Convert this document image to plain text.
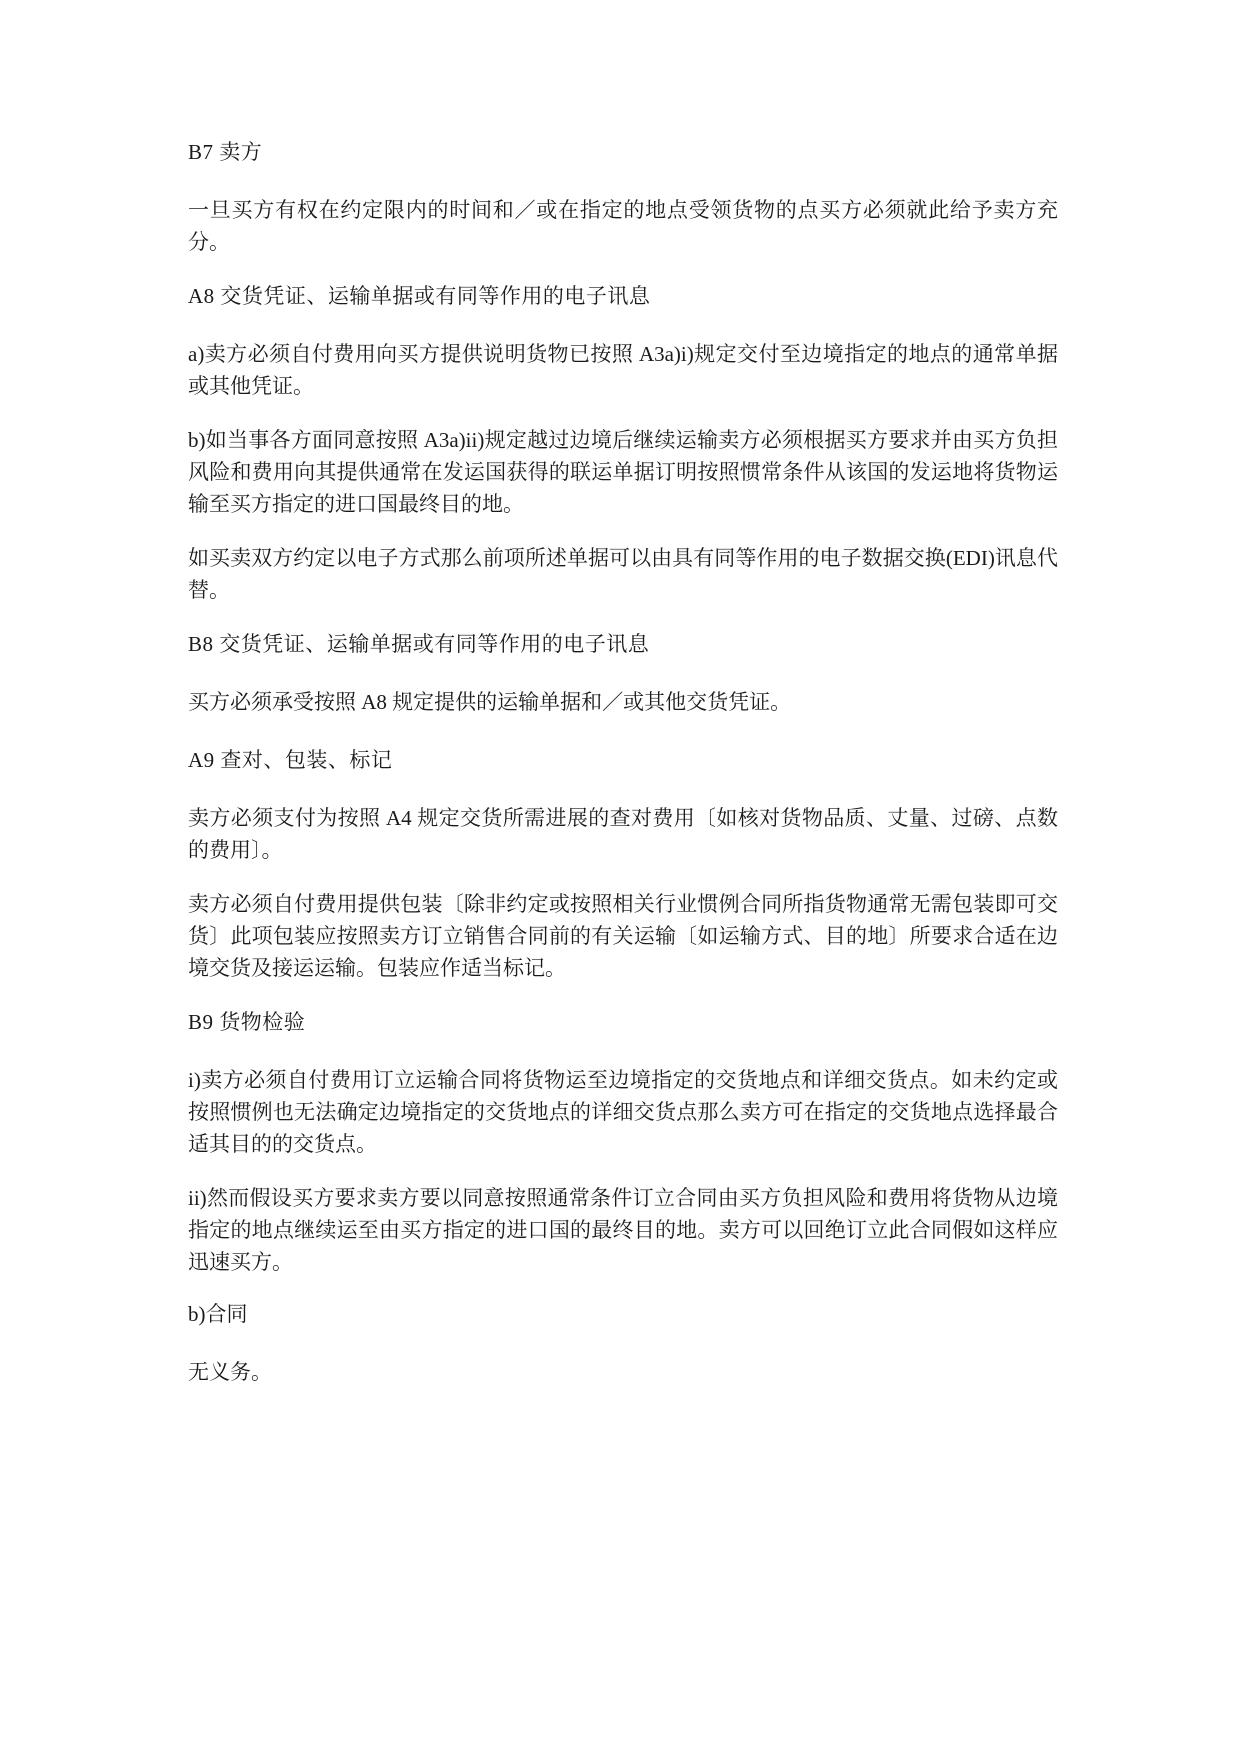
B7 卖方

一旦买方有权在约定限内的时间和／或在指定的地点受领货物的点买方必须就此给予卖方充分。

A8 交货凭证、运输单据或有同等作用的电子讯息

a)卖方必须自付费用向买方提供说明货物已按照 A3a)i)规定交付至边境指定的地点的通常单据或其他凭证。

b)如当事各方面同意按照 A3a)ii)规定越过边境后继续运输卖方必须根据买方要求并由买方负担风险和费用向其提供通常在发运国获得的联运单据订明按照惯常条件从该国的发运地将货物运输至买方指定的进口国最终目的地。

如买卖双方约定以电子方式那么前项所述单据可以由具有同等作用的电子数据交换(EDI)讯息代替。

B8 交货凭证、运输单据或有同等作用的电子讯息

买方必须承受按照 A8 规定提供的运输单据和／或其他交货凭证。

A9 查对、包装、标记

卖方必须支付为按照 A4 规定交货所需进展的查对费用〔如核对货物品质、丈量、过磅、点数的费用〕。

卖方必须自付费用提供包装〔除非约定或按照相关行业惯例合同所指货物通常无需包装即可交货〕此项包装应按照卖方订立销售合同前的有关运输〔如运输方式、目的地〕所要求合适在边境交货及接运运输。包装应作适当标记。

B9 货物检验

i)卖方必须自付费用订立运输合同将货物运至边境指定的交货地点和详细交货点。如未约定或按照惯例也无法确定边境指定的交货地点的详细交货点那么卖方可在指定的交货地点选择最合适其目的的交货点。

ii)然而假设买方要求卖方要以同意按照通常条件订立合同由买方负担风险和费用将货物从边境指定的地点继续运至由买方指定的进口国的最终目的地。卖方可以回绝订立此合同假如这样应迅速买方。

b)合同

无义务。
